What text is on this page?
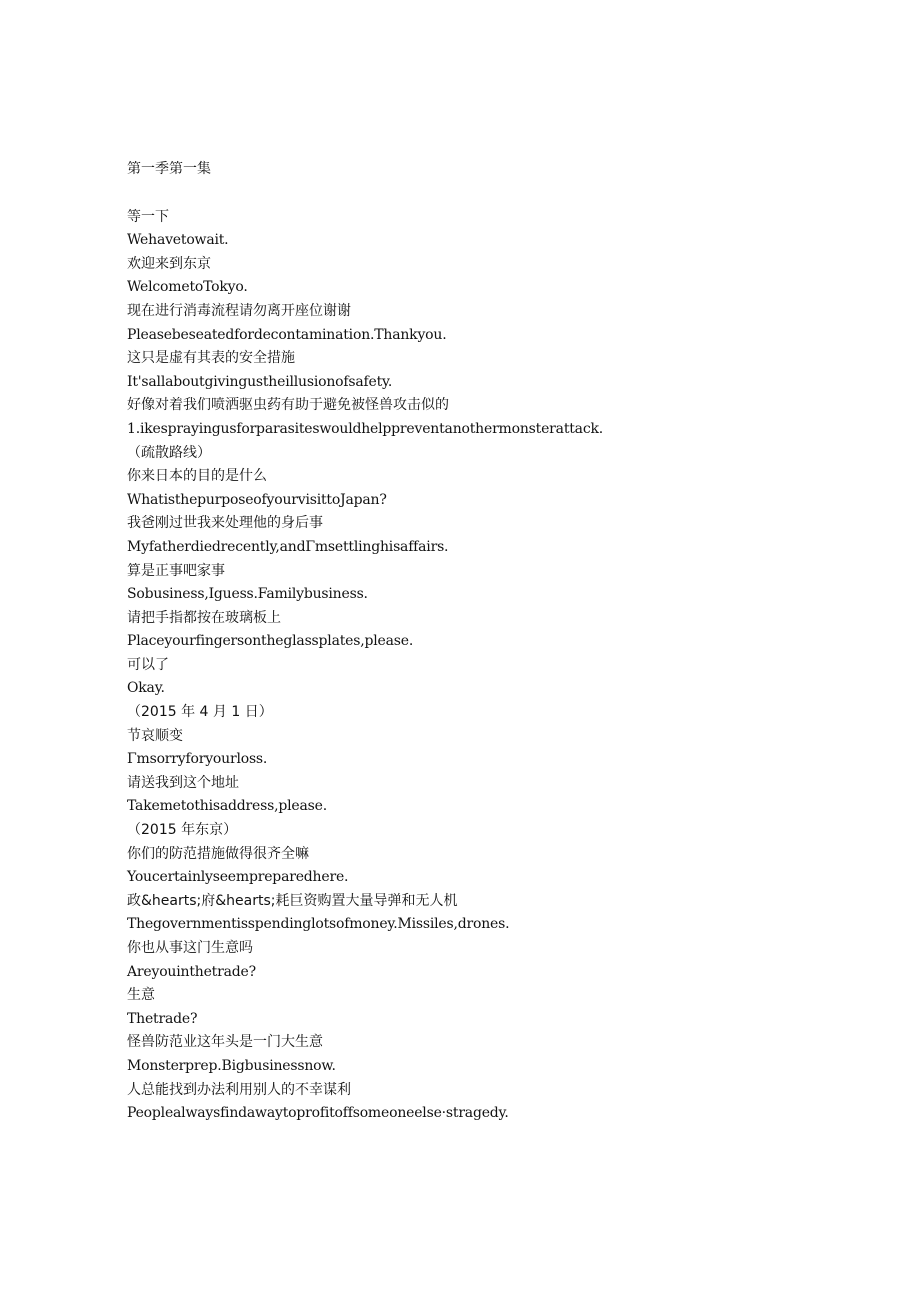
第一季第一集
等一下
Wehavetowait.
欢迎来到东京
WelcometoTokyo.
现在进行消毒流程请勿离开座位谢谢
Pleasebeseatedfordecontamination.Thankyou.
这只是虚有其表的安全措施
It'sallaboutgivingustheillusionofsafety.
好像对着我们喷洒驱虫药有助于避免被怪兽攻击似的
1.ikesprayingusforparasiteswouldhelppreventanothermonsterattack.
（疏散路线）
你来日本的目的是什么
WhatisthepurposeofyourvisittoJapan?
我爸刚过世我来处理他的身后事
Myfatherdiedrecently,andΓmsettlinghisaffairs.
算是正事吧家事
Sobusiness,Iguess.Familybusiness.
请把手指都按在玻璃板上
Placeyourfingersontheglassplates,please.
可以了
Okay.
（2015 年 4 月 1 日）
节哀顺变
Γmsorryforyourloss.
请送我到这个地址
Takemetothisaddress,please.
（2015 年东京）
你们的防范措施做得很齐全嘛
Youcertainlyseempreparedhere.
政&hearts;府&hearts;耗巨资购置大量导弹和无人机
Thegovernmentisspendinglotsofmoney.Missiles,drones.
你也从事这门生意吗
Areyouinthetrade?
生意
Thetrade?
怪兽防范业这年头是一门大生意
Monsterprep.Bigbusinessnow.
人总能找到办法利用别人的不幸谋利
Peoplealwaysfindawaytoprofitoffsomeoneelse·stragedy.
